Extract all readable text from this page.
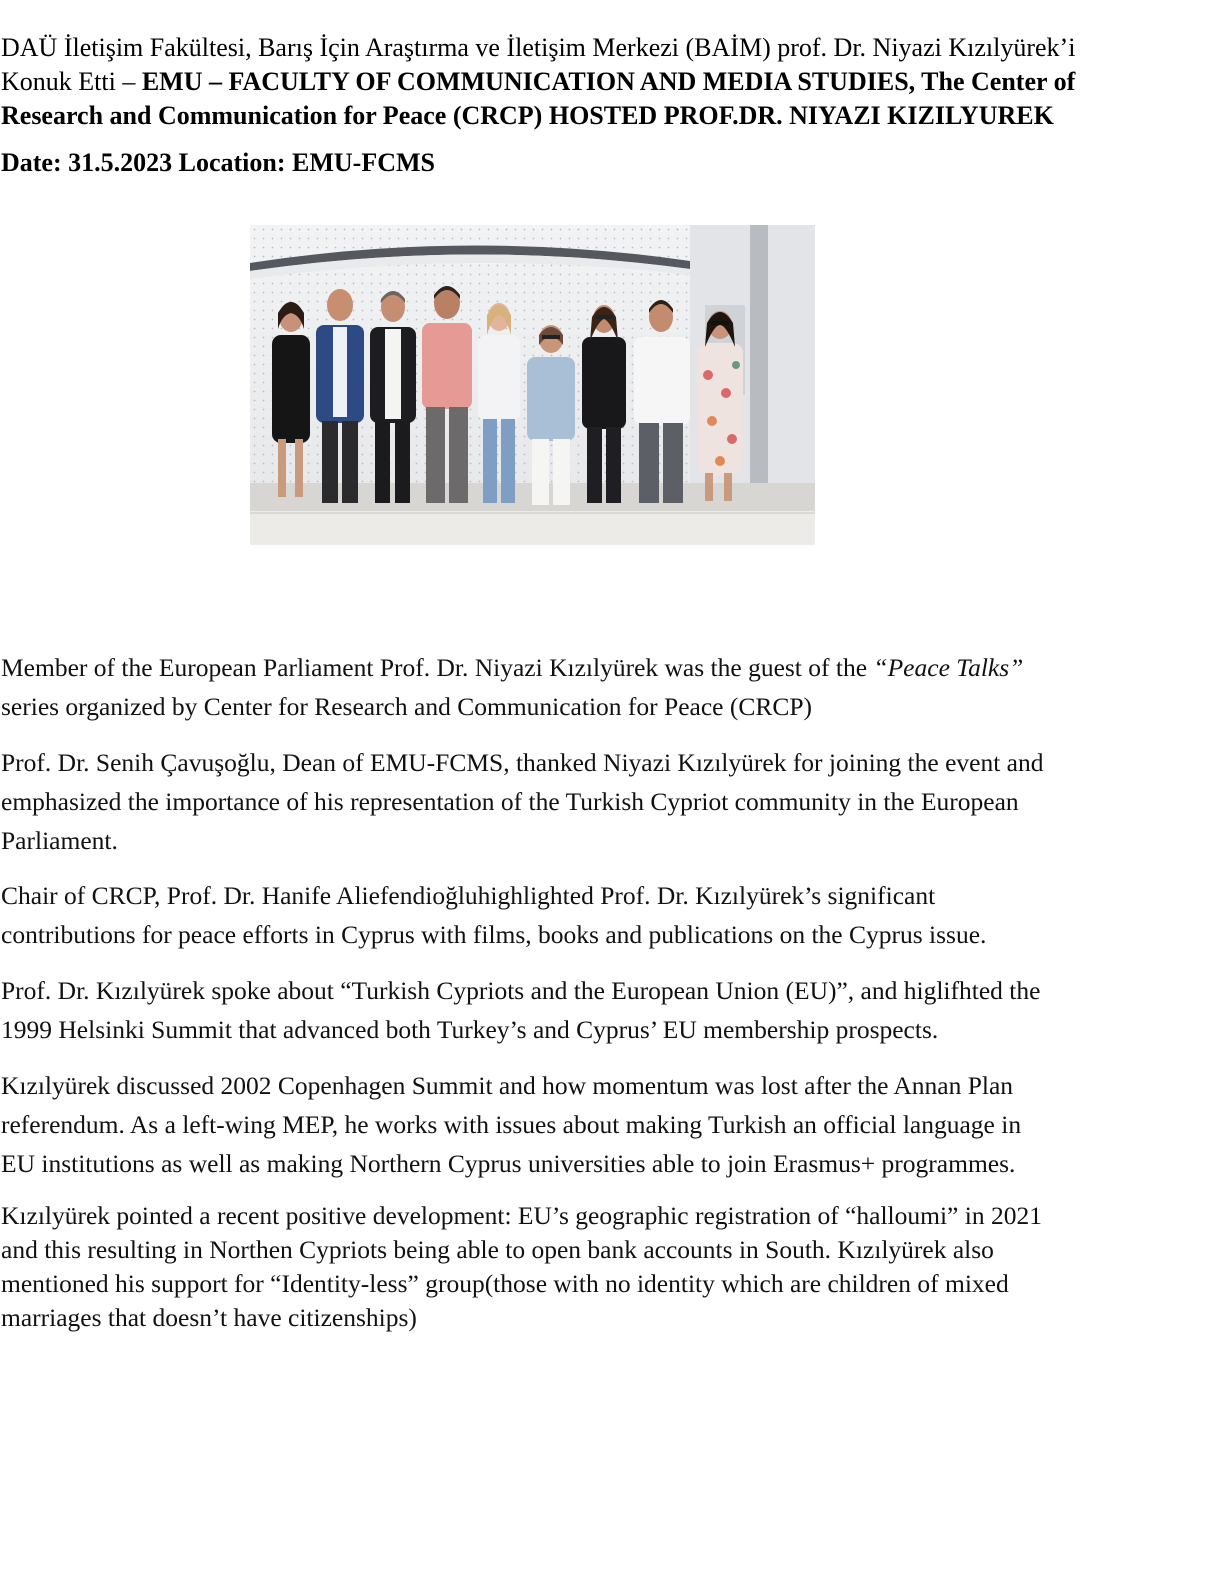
DAÜ İletişim Fakültesi, Barış İçin Araştırma ve İletişim Merkezi (BAİM) prof. Dr. Niyazi Kızılyürek’i
Konuk Etti – EMU – FACULTY OF COMMUNICATION AND MEDIA STUDIES, The Center of
Research and Communication for Peace (CRCP) HOSTED PROF.DR. NIYAZI KIZILYUREK
Date: 31.5.2023 Location: EMU-FCMS

Member of the European Parliament Prof. Dr. Niyazi Kızılyürek was the guest of the “Peace Talks”
series organized by Center for Research and Communication for Peace (CRCP)

Prof. Dr. Senih Çavuşoğlu, Dean of EMU-FCMS, thanked Niyazi Kızılyürek for joining the event and
emphasized the importance of his representation of the Turkish Cypriot community in the European
Parliament.

Chair of CRCP, Prof. Dr. Hanife Aliefendioğluhighlighted Prof. Dr. Kızılyürek’s significant
contributions for peace efforts in Cyprus with films, books and publications on the Cyprus issue.

Prof. Dr. Kızılyürek spoke about “Turkish Cypriots and the European Union (EU)”, and higlifhted the
1999 Helsinki Summit that advanced both Turkey’s and Cyprus’ EU membership prospects.

Kızılyürek discussed 2002 Copenhagen Summit and how momentum was lost after the Annan Plan
referendum. As a left-wing MEP, he works with issues about making Turkish an official language in
EU institutions as well as making Northern Cyprus universities able to join Erasmus+ programmes.

Kızılyürek pointed a recent positive development: EU’s geographic registration of “halloumi” in 2021
and this resulting in Northen Cypriots being able to open bank accounts in South. Kızılyürek also
mentioned his support for “Identity-less” group(those with no identity which are children of mixed
marriages that doesn’t have citizenships)
